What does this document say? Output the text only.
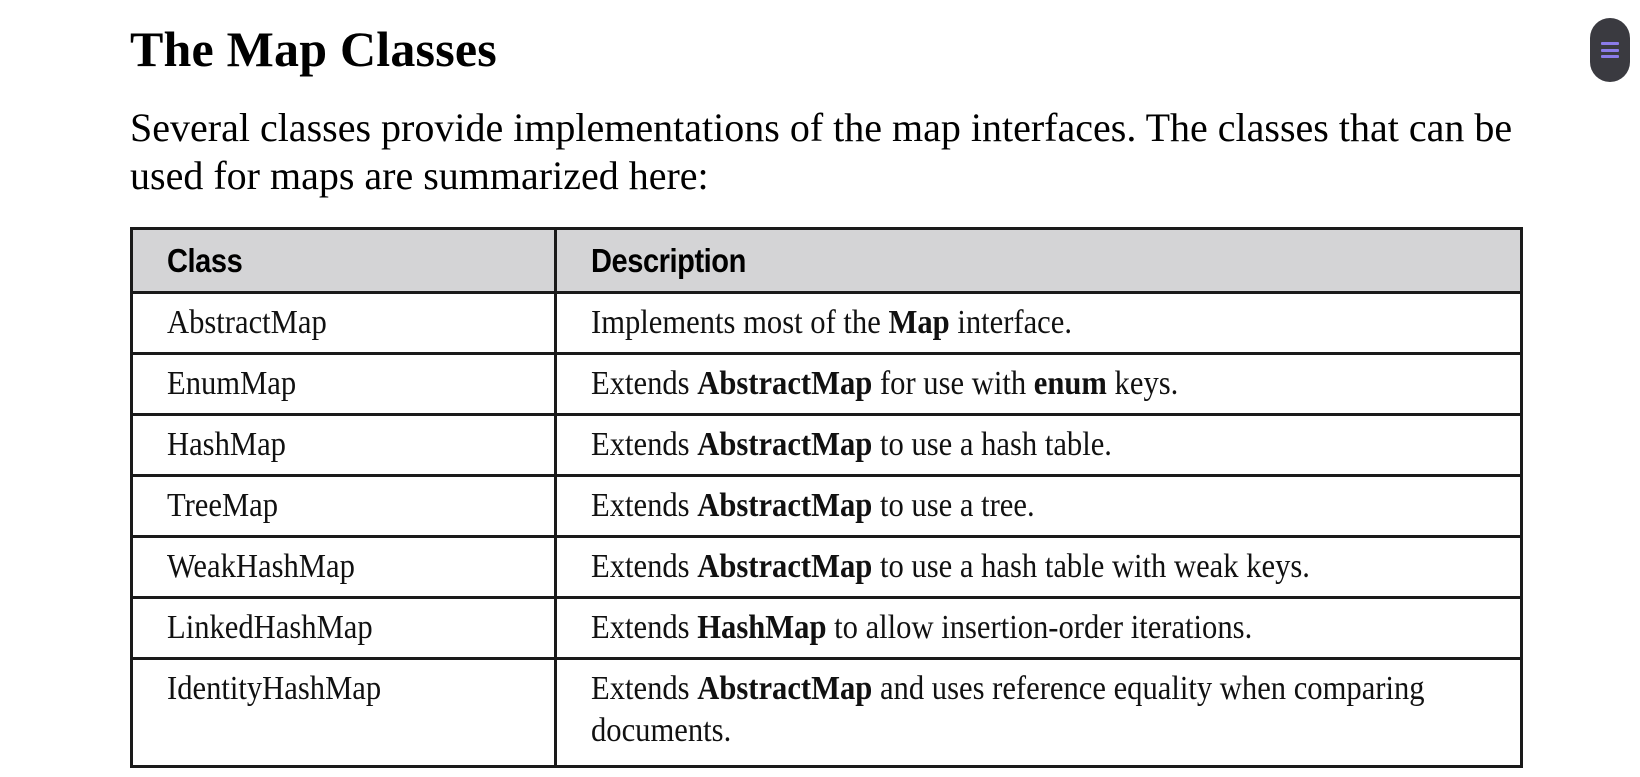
The Map Classes

Several classes provide implementations of the map interfaces. The classes that can be used for maps are summarized here:

Class	Description
AbstractMap	Implements most of the Map interface.
EnumMap	Extends AbstractMap for use with enum keys.
HashMap	Extends AbstractMap to use a hash table.
TreeMap	Extends AbstractMap to use a tree.
WeakHashMap	Extends AbstractMap to use a hash table with weak keys.
LinkedHashMap	Extends HashMap to allow insertion-order iterations.
IdentityHashMap	Extends AbstractMap and uses reference equality when comparing documents.
